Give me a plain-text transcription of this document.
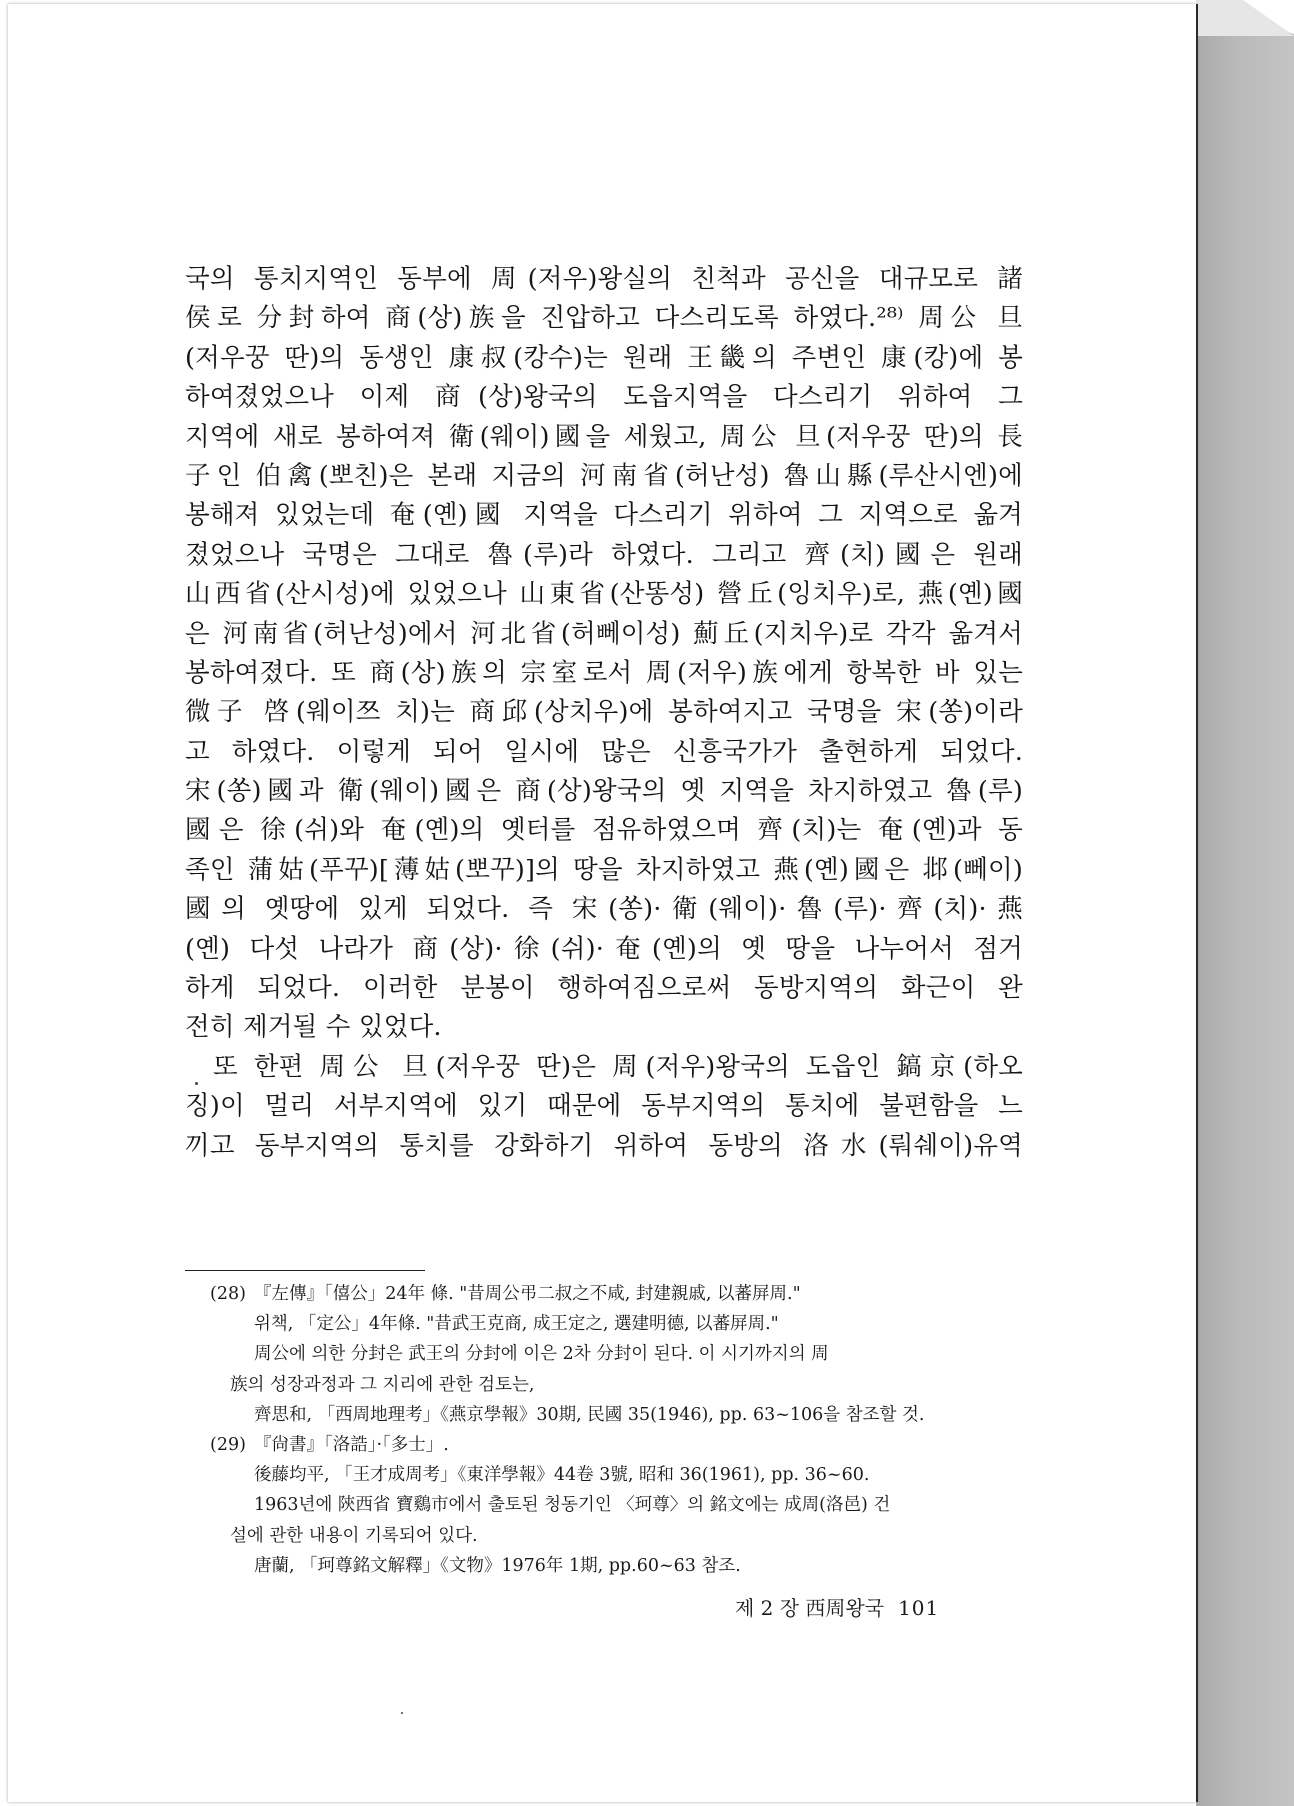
국의 통치지역인 동부에 周(저우)왕실의 친척과 공신을 대규모로 諸
侯로 分封하여 商(상)族을 진압하고 다스리도록 하였다.²⁸⁾ 周公 旦
(저우꿍 딴)의 동생인 康叔(캉수)는 원래 王畿의 주변인 康(캉)에 봉
하여졌었으나 이제 商(상)왕국의 도읍지역을 다스리기 위하여 그
지역에 새로 봉하여져 衛(웨이)國을 세웠고, 周公 旦(저우꿍 딴)의 長
子인 伯禽(뽀친)은 본래 지금의 河南省(허난성) 魯山縣(루산시엔)에
봉해져 있었는데 奄(옌)國 지역을 다스리기 위하여 그 지역으로 옮겨
졌었으나 국명은 그대로 魯(루)라 하였다. 그리고 齊(치)國은 원래
山西省(산시성)에 있었으나 山東省(산똥성) 營丘(잉치우)로, 燕(옌)國
은 河南省(허난성)에서 河北省(허뻬이성) 薊丘(지치우)로 각각 옮겨서
봉하여졌다. 또 商(상)族의 宗室로서 周(저우)族에게 항복한 바 있는
微子 啓(웨이쯔 치)는 商邱(상치우)에 봉하여지고 국명을 宋(쏭)이라
고 하였다. 이렇게 되어 일시에 많은 신흥국가가 출현하게 되었다.
宋(쏭)國과 衛(웨이)國은 商(상)왕국의 옛 지역을 차지하였고 魯(루)
國은 徐(쉬)와 奄(옌)의 옛터를 점유하였으며 齊(치)는 奄(옌)과 동
족인 蒲姑(푸꾸)[薄姑(뽀꾸)]의 땅을 차지하였고 燕(옌)國은 邶(뻬이)
國의 옛땅에 있게 되었다. 즉 宋(쏭)·衛(웨이)·魯(루)·齊(치)·燕
(옌) 다섯 나라가 商(상)·徐(쉬)·奄(옌)의 옛 땅을 나누어서 점거
하게 되었다. 이러한 분봉이 행하여짐으로써 동방지역의 화근이 완
전히 제거될 수 있었다.
또 한편 周公 旦(저우꿍 딴)은 周(저우)왕국의 도읍인 鎬京(하오
징)이 멀리 서부지역에 있기 때문에 동부지역의 통치에 불편함을 느
끼고 동부지역의 통치를 강화하기 위하여 동방의 洛水(뤄쉐이)유역
(28) 『左傳』「僖公」24年 條. "昔周公弔二叔之不咸, 封建親戚, 以蕃屏周."
위책, 「定公」4年條. "昔武王克商, 成王定之, 選建明德, 以蕃屏周."
周公에 의한 分封은 武王의 分封에 이은 2차 分封이 된다. 이 시기까지의 周
族의 성장과정과 그 지리에 관한 검토는,
齊思和, 「西周地理考」《燕京學報》30期, 民國 35(1946), pp. 63~106을 참조할 것.
(29) 『尙書』「洛誥」·「多士」.
後藤均平, 「王才成周考」《東洋學報》44卷 3號, 昭和 36(1961), pp. 36~60.
1963년에 陝西省 寶鷄市에서 출토된 청동기인 〈珂尊〉의 銘文에는 成周(洛邑) 건
설에 관한 내용이 기록되어 있다.
唐蘭, 「珂尊銘文解釋」《文物》1976年 1期, pp.60~63 참조.
제 2 장 西周왕국 101
